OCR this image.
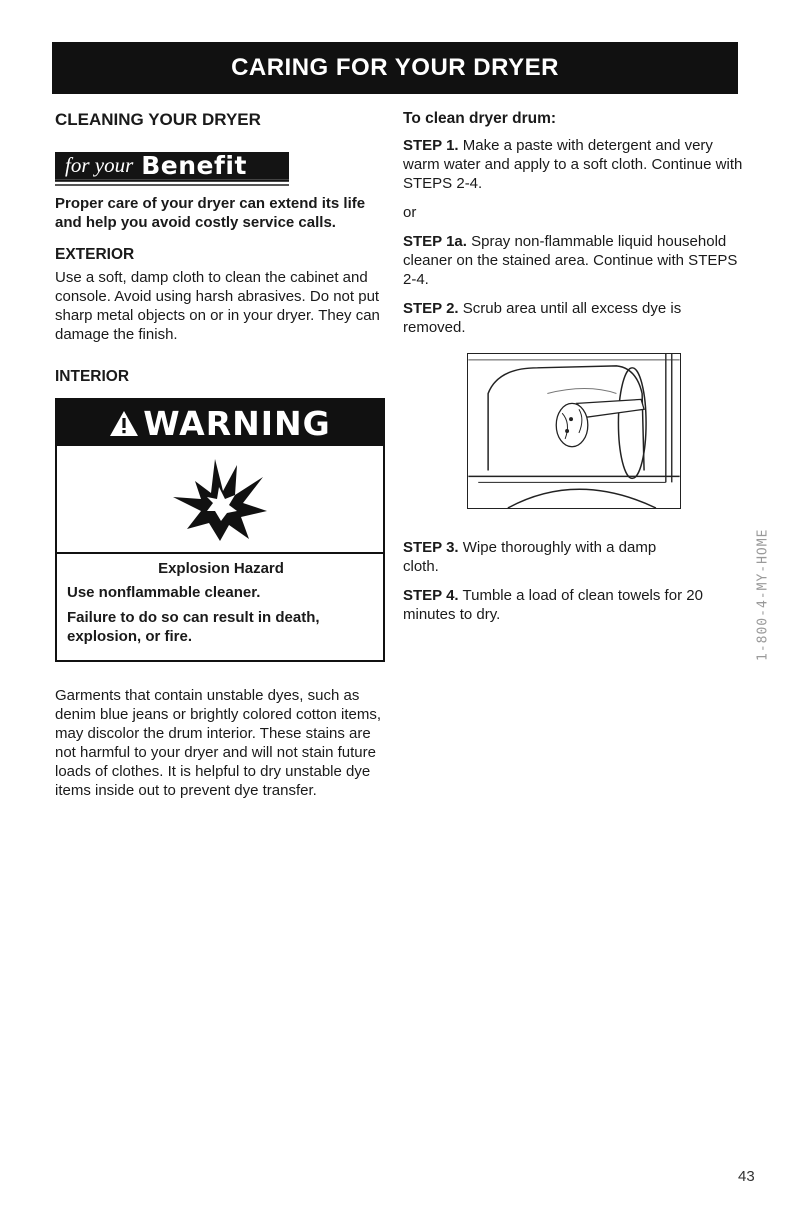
CARING FOR YOUR DRYER
CLEANING YOUR DRYER
for your Benefit

Proper care of your dryer can extend its life and help you avoid costly service calls.

EXTERIOR

Use a soft, damp cloth to clean the cabinet and console. Avoid using harsh abrasives. Do not put sharp metal objects on or in your dryer. They can damage the finish.

INTERIOR
WARNING
Explosion Hazard

Use nonflammable cleaner.

Failure to do so can result in death, explosion, or fire.

Garments that contain unstable dyes, such as denim blue jeans or brightly colored cotton items, may discolor the drum interior. These stains are not harmful to your dryer and will not stain future loads of clothes. It is helpful to dry unstable dye items inside out to prevent dye transfer.

To clean dryer drum:

STEP 1. Make a paste with detergent and very warm water and apply to a soft cloth. Continue with STEPS 2-4.

or

STEP 1a. Spray non-flammable liquid household cleaner on the stained area. Continue with STEPS 2-4.

STEP 2. Scrub area until all excess dye is removed.

STEP 3. Wipe thoroughly with a damp cloth.

STEP 4. Tumble a load of clean towels for 20 minutes to dry.	1-800-4-MY-HOME
43
